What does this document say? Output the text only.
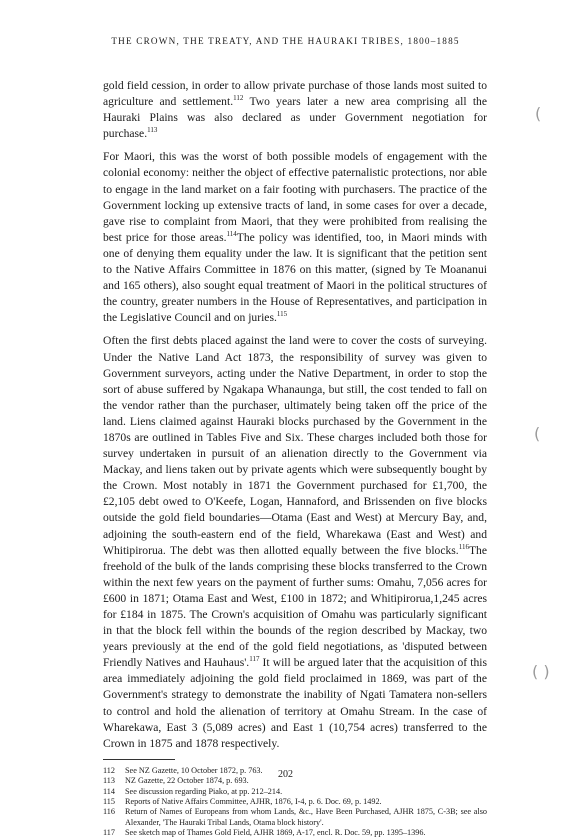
THE CROWN, THE TREATY, AND THE HAURAKI TRIBES, 1800–1885

gold field cession, in order to allow private purchase of those lands most suited to agriculture and settlement.$^{112}$ Two years later a new area comprising all the Hauraki Plains was also declared as under Government negotiation for purchase.$^{113}$

For Maori, this was the worst of both possible models of engagement with the colonial economy: neither the object of effective paternalistic protections, nor able to engage in the land market on a fair footing with purchasers. The practice of the Government locking up extensive tracts of land, in some cases for over a decade, gave rise to complaint from Maori, that they were prohibited from realising the best price for those areas.$^{114}$The policy was identified, too, in Maori minds with one of denying them equality under the law. It is significant that the petition sent to the Native Affairs Committee in 1876 on this matter, (signed by Te Moananui and 165 others), also sought equal treatment of Maori in the political structures of the country, greater numbers in the House of Representatives, and participation in the Legislative Council and on juries.$^{115}$

Often the first debts placed against the land were to cover the costs of surveying. Under the Native Land Act 1873, the responsibility of survey was given to Government surveyors, acting under the Native Department, in order to stop the sort of abuse suffered by Ngakapa Whanaunga, but still, the cost tended to fall on the vendor rather than the purchaser, ultimately being taken off the price of the land. Liens claimed against Hauraki blocks purchased by the Government in the 1870s are outlined in Tables Five and Six. These charges included both those for survey undertaken in pursuit of an alienation directly to the Government via Mackay, and liens taken out by private agents which were subsequently bought by the Crown. Most notably in 1871 the Government purchased for £1,700, the £2,105 debt owed to O'Keefe, Logan, Hannaford, and Brissenden on five blocks outside the gold field boundaries—Otama (East and West) at Mercury Bay, and, adjoining the south-eastern end of the field, Wharekawa (East and West) and Whitipirorua. The debt was then allotted equally between the five blocks.$^{116}$The freehold of the bulk of the lands comprising these blocks transferred to the Crown within the next few years on the payment of further sums: Omahu, 7,056 acres for £600 in 1871; Otama East and West, £100 in 1872; and Whitipirorua,1,245 acres for £184 in 1875. The Crown's acquisition of Omahu was particularly significant in that the block fell within the bounds of the region described by Mackay, two years previously at the end of the gold field negotiations, as 'disputed between Friendly Natives and Hauhaus'.$^{117}$ It will be argued later that the acquisition of this area immediately adjoining the gold field proclaimed in 1869, was part of the Government's strategy to demonstrate the inability of Ngati Tamatera non-sellers to control and hold the alienation of territory at Omahu Stream. In the case of Wharekawa, East 3 (5,089 acres) and East 1 (10,754 acres) transferred to the Crown in 1875 and 1878 respectively.

112	See NZ Gazette, 10 October 1872, p. 763.
113	NZ Gazette, 22 October 1874, p. 693.
114	See discussion regarding Piako, at pp. 212–214.
115	Reports of Native Affairs Committee, AJHR, 1876, I-4, p. 6. Doc. 69, p. 1492.
116	Return of Names of Europeans from whom Lands, &c., Have Been Purchased, AJHR 1875, C-3B; see also Alexander, 'The Hauraki Tribal Lands, Otama block history'.
117	See sketch map of Thames Gold Field, AJHR 1869, A-17, encl. R. Doc. 59, pp. 1395–1396.
202
(
(
( )
